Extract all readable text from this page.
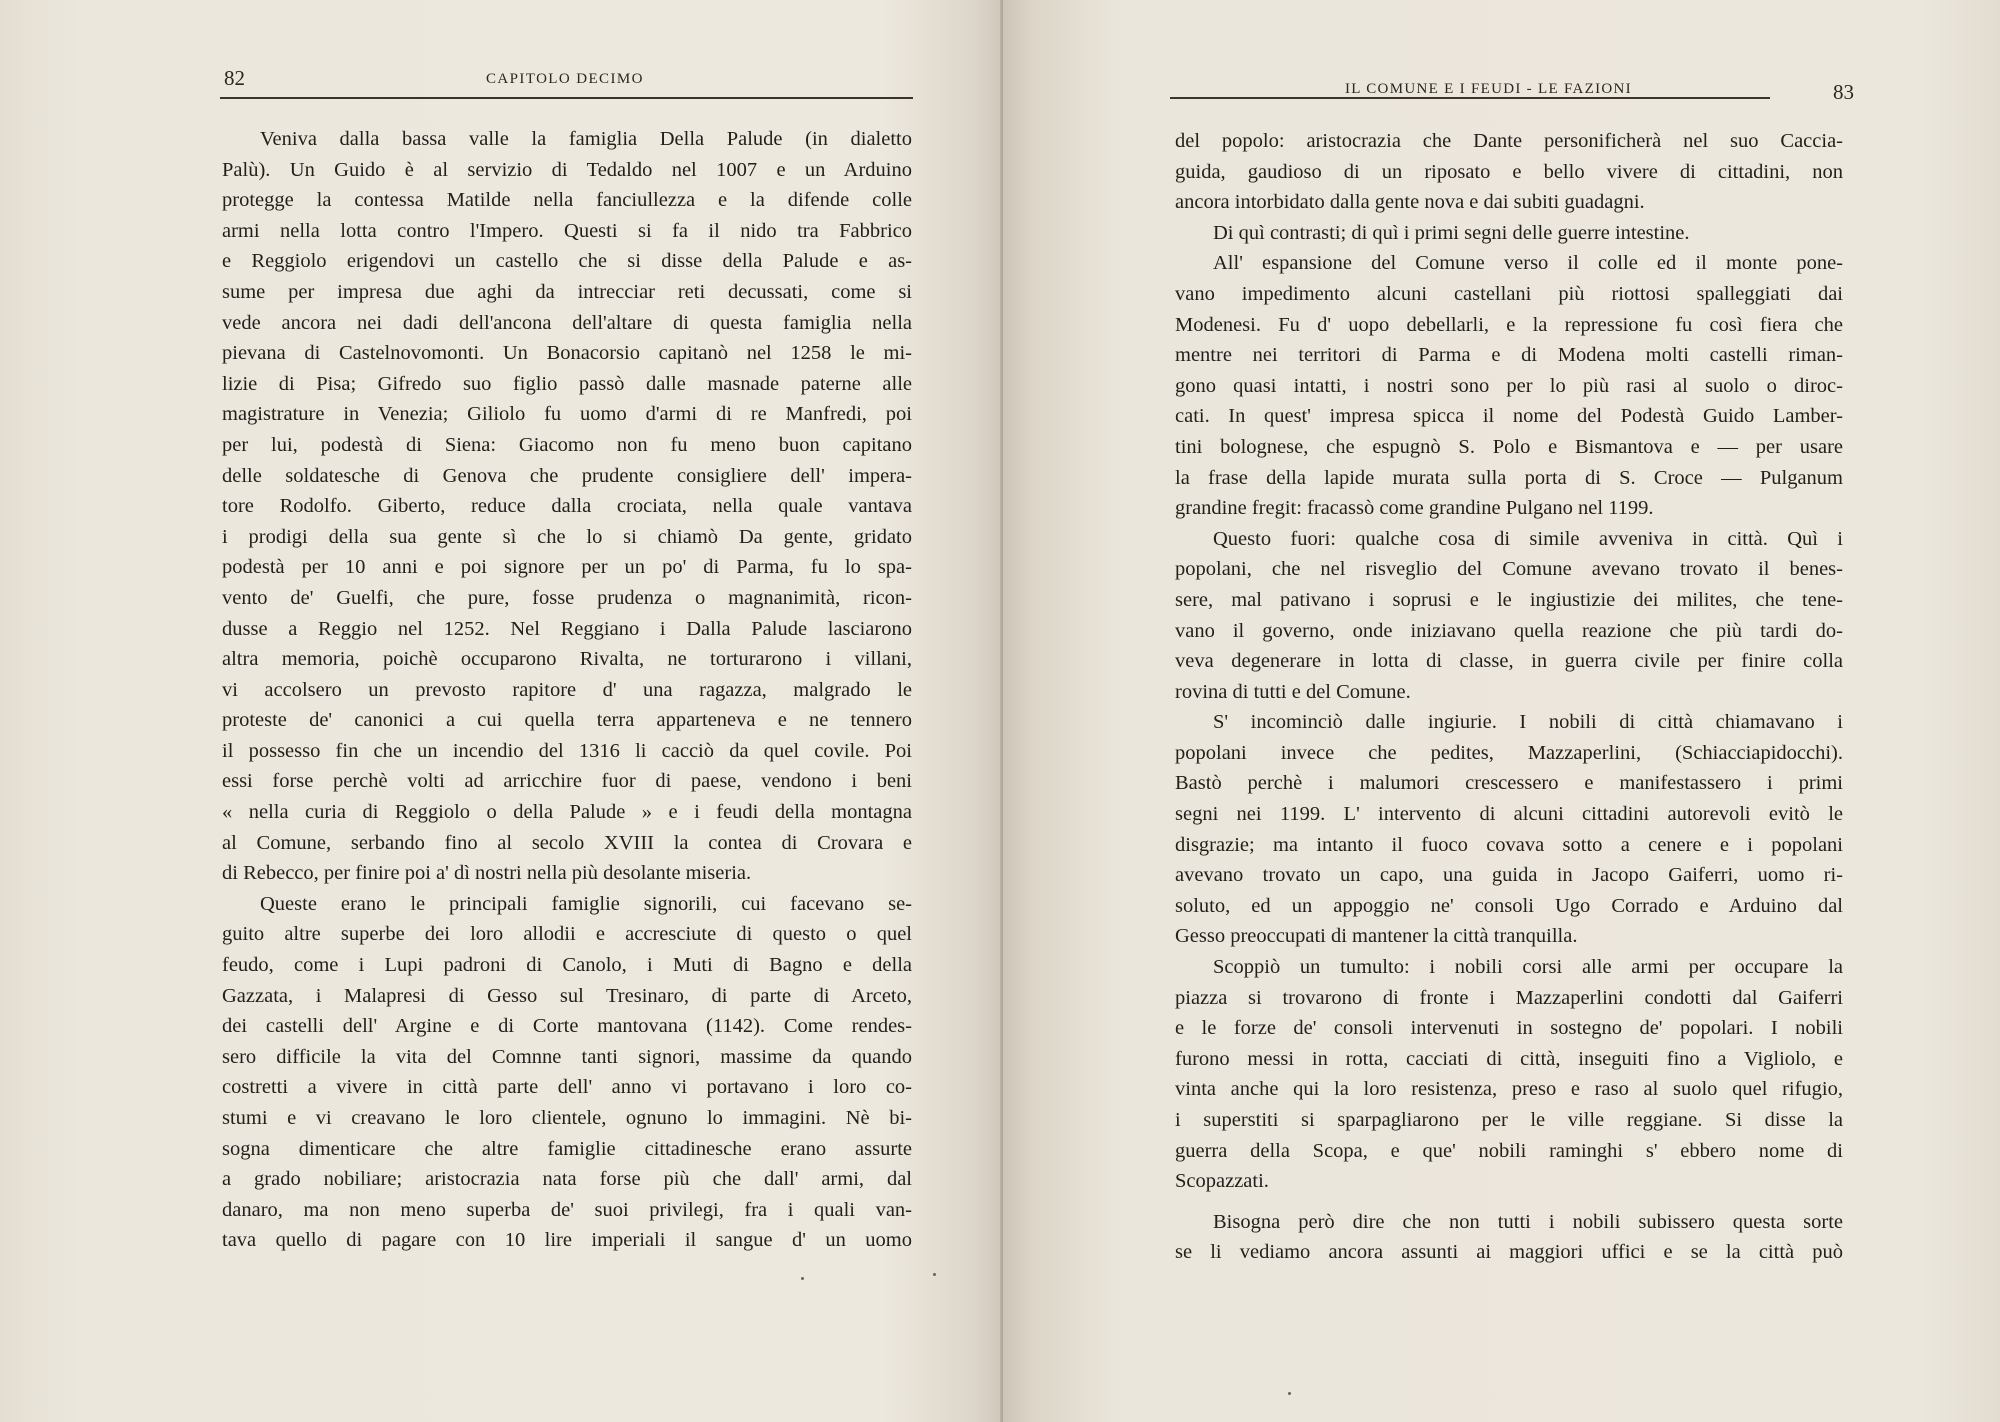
82	CAPITOLO DECIMO

Veniva dalla bassa valle la famiglia Della Palude (in dialetto

Palù). Un Guido è al servizio di Tedaldo nel 1007 e un Arduino

protegge la contessa Matilde nella fanciullezza e la difende colle

armi nella lotta contro l'Impero. Questi si fa il nido tra Fabbrico

e Reggiolo erigendovi un castello che si disse della Palude e as-

sume per impresa due aghi da intrecciar reti decussati, come si

vede ancora nei dadi dell'ancona dell'altare di questa famiglia nella

pievana di Castelnovomonti. Un Bonacorsio capitanò nel 1258 le mi-

lizie di Pisa; Gifredo suo figlio passò dalle masnade paterne alle

magistrature in Venezia; Giliolo fu uomo d'armi di re Manfredi, poi

per lui, podestà di Siena: Giacomo non fu meno buon capitano

delle soldatesche di Genova che prudente consigliere dell' impera-

tore Rodolfo. Giberto, reduce dalla crociata, nella quale vantava

i prodigi della sua gente sì che lo si chiamò Da gente, gridato

podestà per 10 anni e poi signore per un po' di Parma, fu lo spa-

vento de' Guelfi, che pure, fosse prudenza o magnanimità, ricon-

dusse a Reggio nel 1252. Nel Reggiano i Dalla Palude lasciarono

altra memoria, poichè occuparono Rivalta, ne torturarono i villani,

vi accolsero un prevosto rapitore d' una ragazza, malgrado le

proteste de' canonici a cui quella terra apparteneva e ne tennero

il possesso fin che un incendio del 1316 li cacciò da quel covile. Poi

essi forse perchè volti ad arricchire fuor di paese, vendono i beni

« nella curia di Reggiolo o della Palude » e i feudi della montagna

al Comune, serbando fino al secolo XVIII la contea di Crovara e

di Rebecco, per finire poi a' dì nostri nella più desolante miseria.

Queste erano le principali famiglie signorili, cui facevano se-

guito altre superbe dei loro allodii e accresciute di questo o quel

feudo, come i Lupi padroni di Canolo, i Muti di Bagno e della

Gazzata, i Malapresi di Gesso sul Tresinaro, di parte di Arceto,

dei castelli dell' Argine e di Corte mantovana (1142). Come rendes-

sero difficile la vita del Comnne tanti signori, massime da quando

costretti a vivere in città parte dell' anno vi portavano i loro co-

stumi e vi creavano le loro clientele, ognuno lo immagini. Nè bi-

sogna dimenticare che altre famiglie cittadinesche erano assurte

a grado nobiliare; aristocrazia nata forse più che dall' armi, dal

danaro, ma non meno superba de' suoi privilegi, fra i quali van-

tava quello di pagare con 10 lire imperiali il sangue d' un uomo

IL COMUNE E I FEUDI - LE FAZIONI	83

del popolo: aristocrazia che Dante personificherà nel suo Caccia-

guida, gaudioso di un riposato e bello vivere di cittadini, non

ancora intorbidato dalla gente nova e dai subiti guadagni.

Di quì contrasti; di quì i primi segni delle guerre intestine.

All' espansione del Comune verso il colle ed il monte pone-

vano impedimento alcuni castellani più riottosi spalleggiati dai

Modenesi. Fu d' uopo debellarli, e la repressione fu così fiera che

mentre nei territori di Parma e di Modena molti castelli riman-

gono quasi intatti, i nostri sono per lo più rasi al suolo o diroc-

cati. In quest' impresa spicca il nome del Podestà Guido Lamber-

tini bolognese, che espugnò S. Polo e Bismantova e — per usare

la frase della lapide murata sulla porta di S. Croce — Pulganum

grandine fregit: fracassò come grandine Pulgano nel 1199.

Questo fuori: qualche cosa di simile avveniva in città. Quì i

popolani, che nel risveglio del Comune avevano trovato il benes-

sere, mal pativano i soprusi e le ingiustizie dei milites, che tene-

vano il governo, onde iniziavano quella reazione che più tardi do-

veva degenerare in lotta di classe, in guerra civile per finire colla

rovina di tutti e del Comune.

S' incominciò dalle ingiurie. I nobili di città chiamavano i

popolani invece che pedites, Mazzaperlini, (Schiacciapidocchi).

Bastò perchè i malumori crescessero e manifestassero i primi

segni nei 1199. L' intervento di alcuni cittadini autorevoli evitò le

disgrazie; ma intanto il fuoco covava sotto a cenere e i popolani

avevano trovato un capo, una guida in Jacopo Gaiferri, uomo ri-

soluto, ed un appoggio ne' consoli Ugo Corrado e Arduino dal

Gesso preoccupati di mantener la città tranquilla.

Scoppiò un tumulto: i nobili corsi alle armi per occupare la

piazza si trovarono di fronte i Mazzaperlini condotti dal Gaiferri

e le forze de' consoli intervenuti in sostegno de' popolari. I nobili

furono messi in rotta, cacciati di città, inseguiti fino a Vigliolo, e

vinta anche qui la loro resistenza, preso e raso al suolo quel rifugio,

i superstiti si sparpagliarono per le ville reggiane. Si disse la

guerra della Scopa, e que' nobili raminghi s' ebbero nome di

Scopazzati.

Bisogna però dire che non tutti i nobili subissero questa sorte

se li vediamo ancora assunti ai maggiori uffici e se la città può
